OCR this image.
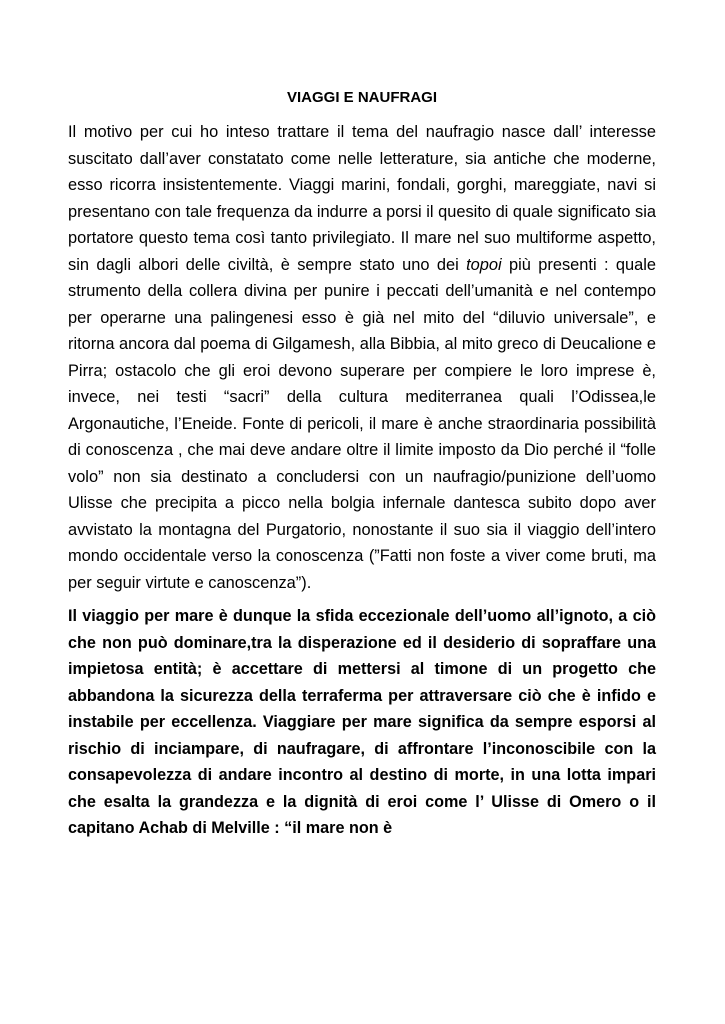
VIAGGI E NAUFRAGI

Il motivo per cui ho inteso trattare il tema del naufragio nasce dall’ interesse suscitato dall’aver constatato come nelle letterature, sia antiche che moderne, esso ricorra insistentemente. Viaggi marini, fondali, gorghi, mareggiate, navi si presentano con tale frequenza da indurre a porsi il quesito di quale significato sia portatore questo tema così tanto privilegiato. Il mare nel suo multiforme aspetto, sin dagli albori delle civiltà, è sempre stato uno dei topoi più presenti : quale strumento della collera divina per punire i peccati dell’umanità e nel contempo per operarne una palingenesi esso è già nel mito del “diluvio universale”, e ritorna ancora dal poema di Gilgamesh, alla Bibbia, al mito greco di Deucalione e Pirra; ostacolo che gli eroi devono superare per compiere le loro imprese è, invece, nei testi “sacri” della cultura mediterranea quali l’Odissea,le Argonautiche, l’Eneide. Fonte di pericoli, il mare è anche straordinaria possibilità di conoscenza , che mai deve andare oltre il limite imposto da Dio perché il “folle volo” non sia destinato a concludersi con un naufragio/punizione dell’uomo Ulisse che precipita a picco nella bolgia infernale dantesca subito dopo aver avvistato la montagna del Purgatorio, nonostante il suo sia il viaggio dell’intero mondo occidentale verso la conoscenza (”Fatti non foste a viver come bruti, ma per seguir virtute e canoscenza”).

Il viaggio per mare è dunque la sfida eccezionale dell’uomo all’ignoto, a ciò che non può dominare,tra la disperazione ed il desiderio di sopraffare una impietosa entità; è accettare di mettersi al timone di un progetto che abbandona la sicurezza della terraferma per attraversare ciò che è infido e instabile per eccellenza. Viaggiare per mare significa da sempre esporsi al rischio di inciampare, di naufragare, di affrontare l’inconoscibile con la consapevolezza di andare incontro al destino di morte, in una lotta impari che esalta la grandezza e la dignità di eroi come l’ Ulisse di Omero o il capitano Achab di Melville : “il mare non è
